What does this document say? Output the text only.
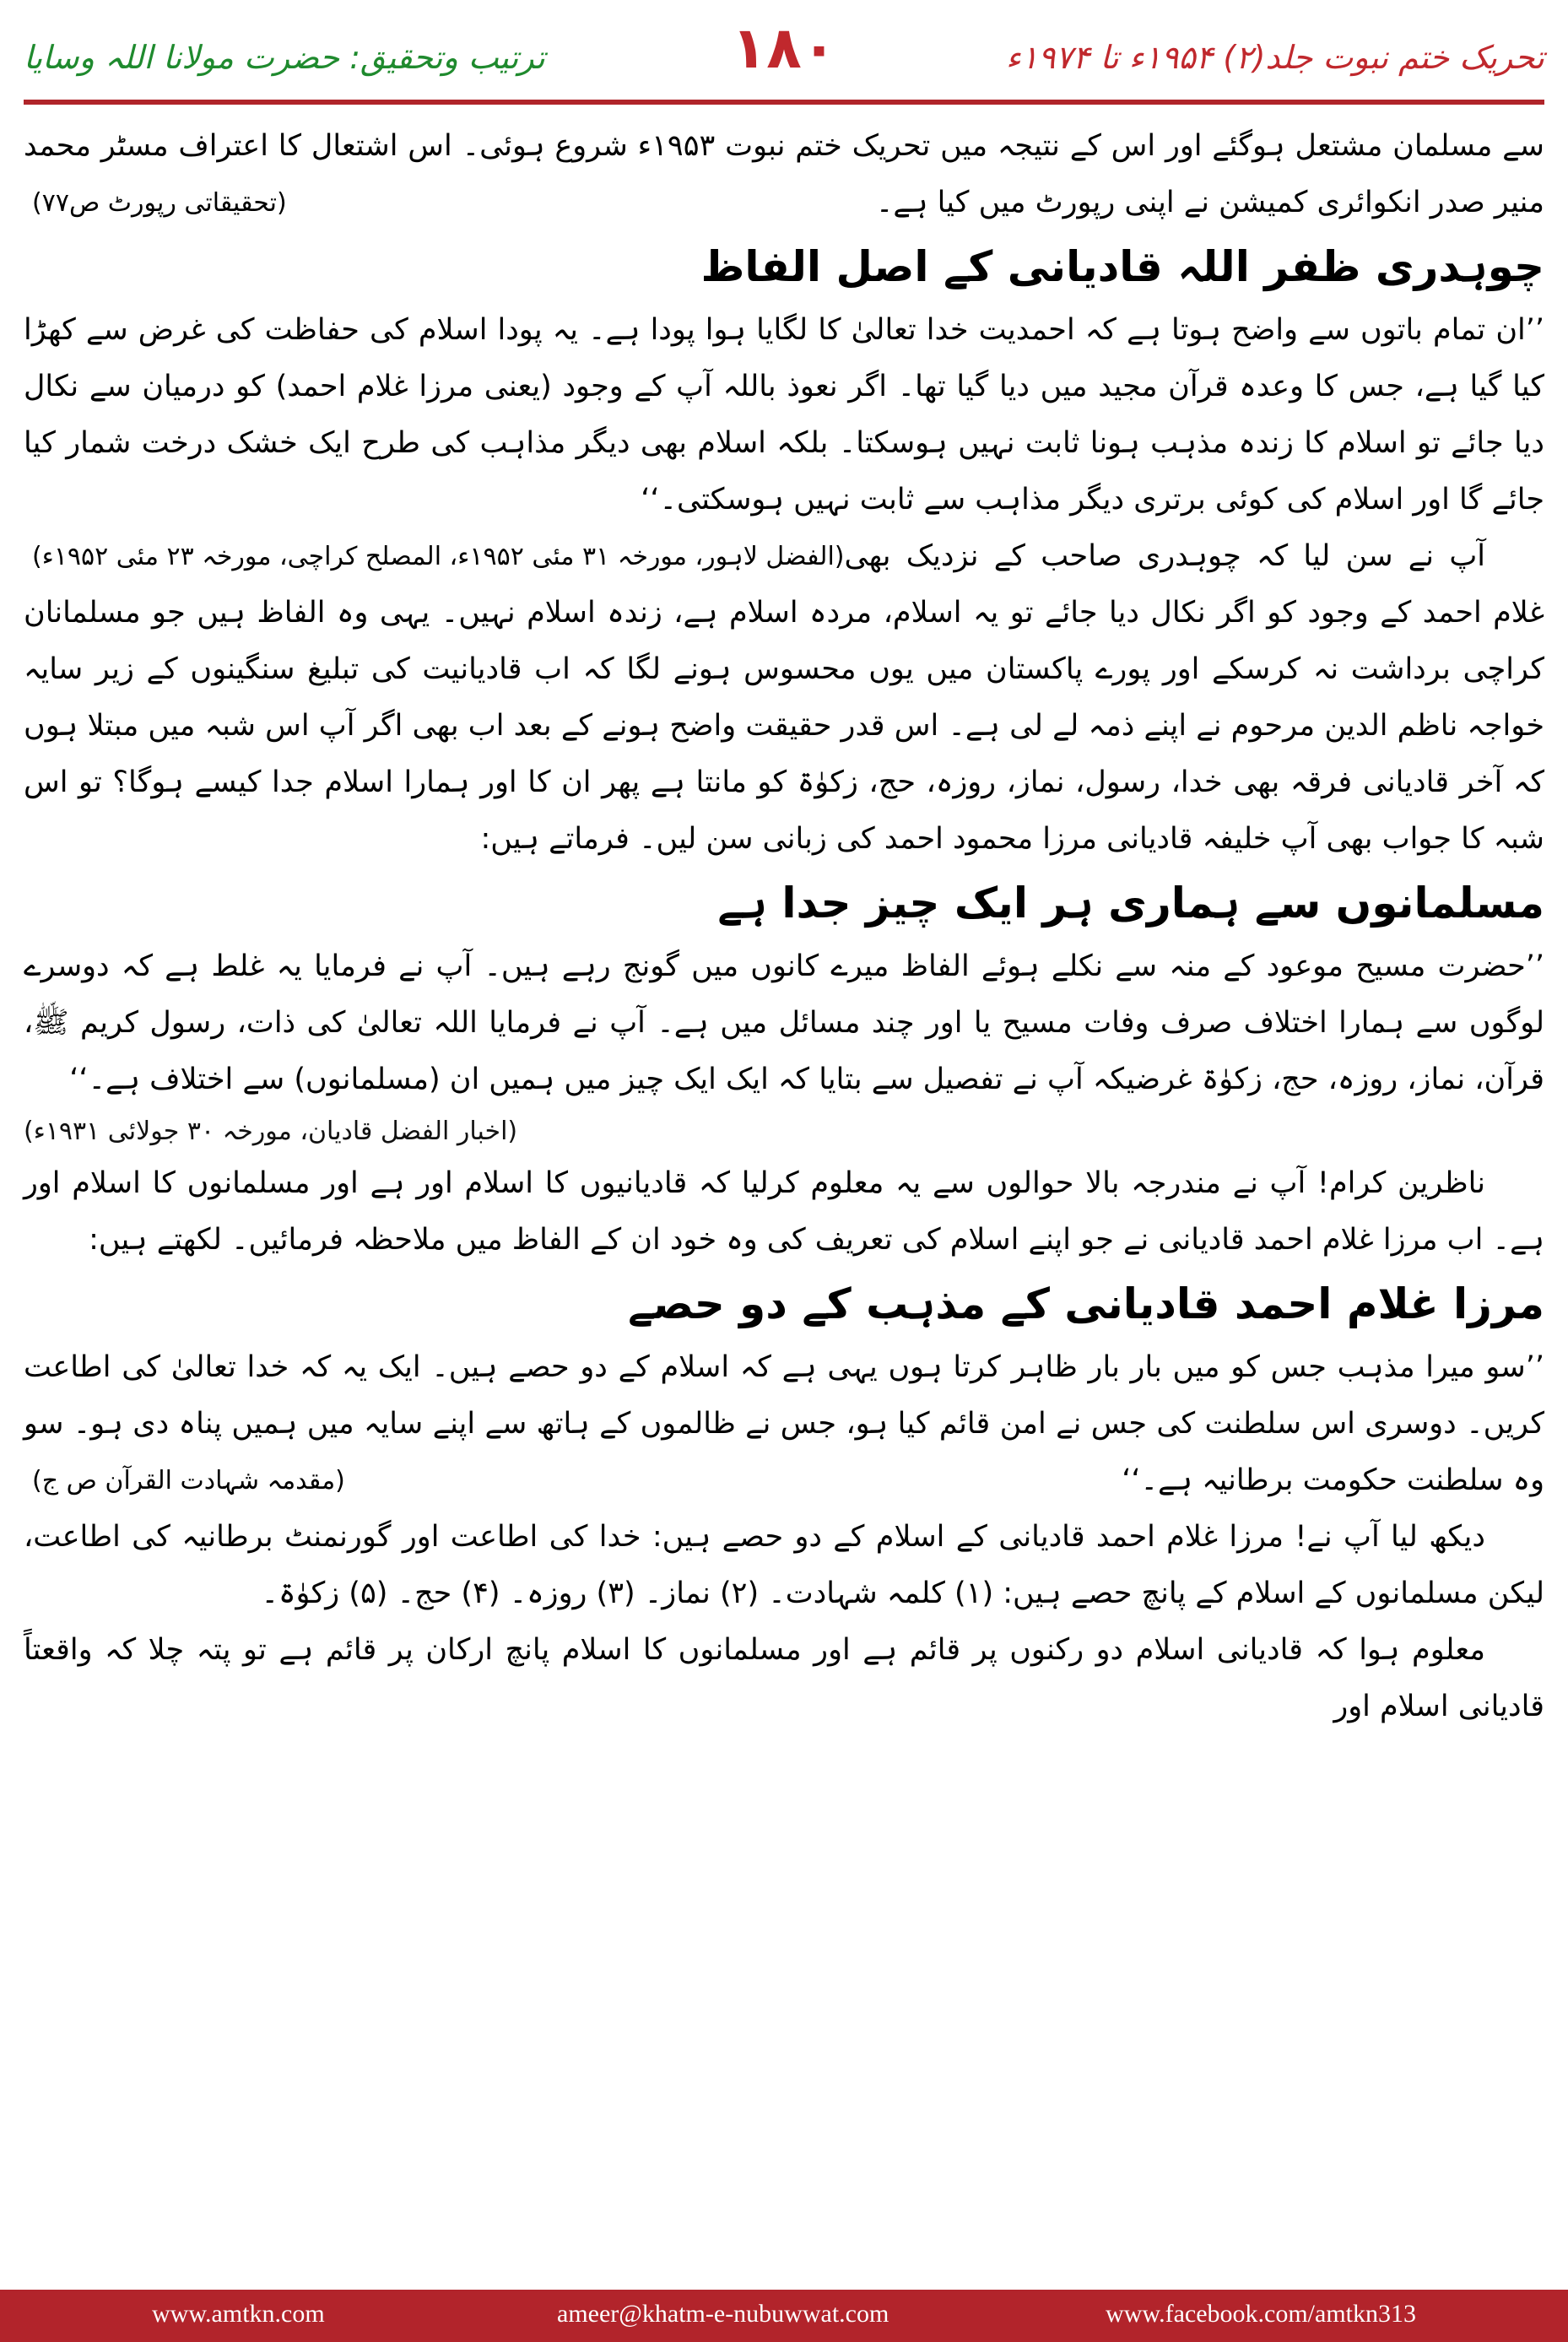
ترتیب وتحقیق: حضرت مولانا اللہ وسایا	۱۸۰	تحریک ختم نبوت جلد(۲) ۱۹۵۴ء تا ۱۹۷۴ء

سے مسلمان مشتعل ہوگئے اور اس کے نتیجہ میں تحریک ختم نبوت ۱۹۵۳ء شروع ہوئی۔ اس اشتعال کا اعتراف مسٹر محمد منیر صدر انکوائری کمیشن نے اپنی رپورٹ میں کیا ہے۔
(تحقیقاتی رپورٹ ص۷۷)

چوہدری ظفر اللہ قادیانی کے اصل الفاظ

’’ان تمام باتوں سے واضح ہوتا ہے کہ احمدیت خدا تعالیٰ کا لگایا ہوا پودا ہے۔ یہ پودا اسلام کی حفاظت کی غرض سے کھڑا کیا گیا ہے، جس کا وعدہ قرآن مجید میں دیا گیا تھا۔ اگر نعوذ باللہ آپ کے وجود (یعنی مرزا غلام احمد) کو درمیان سے نکال دیا جائے تو اسلام کا زندہ مذہب ہونا ثابت نہیں ہوسکتا۔ بلکہ اسلام بھی دیگر مذاہب کی طرح ایک خشک درخت شمار کیا جائے گا اور اسلام کی کوئی برتری دیگر مذاہب سے ثابت نہیں ہوسکتی۔‘‘
(الفضل لاہور، مورخہ ۳۱ مئی ۱۹۵۲ء، المصلح کراچی، مورخہ ۲۳ مئی ۱۹۵۲ء) آپ نے سن لیا کہ چوہدری صاحب کے نزدیک بھی غلام احمد کے وجود کو اگر نکال دیا جائے تو یہ اسلام، مردہ اسلام ہے، زندہ اسلام نہیں۔ یہی وہ الفاظ ہیں جو مسلمانان کراچی برداشت نہ کرسکے اور پورے پاکستان میں یوں محسوس ہونے لگا کہ اب قادیانیت کی تبلیغ سنگینوں کے زیر سایہ خواجہ ناظم الدین مرحوم نے اپنے ذمہ لے لی ہے۔ اس قدر حقیقت واضح ہونے کے بعد اب بھی اگر آپ اس شبہ میں مبتلا ہوں کہ آخر قادیانی فرقہ بھی خدا، رسول، نماز، روزہ، حج، زکوٰۃ کو مانتا ہے پھر ان کا اور ہمارا اسلام جدا کیسے ہوگا؟ تو اس شبہ کا جواب بھی آپ خلیفہ قادیانی مرزا محمود احمد کی زبانی سن لیں۔ فرماتے ہیں:

مسلمانوں سے ہماری ہر ایک چیز جدا ہے

’’حضرت مسیح موعود کے منہ سے نکلے ہوئے الفاظ میرے کانوں میں گونج رہے ہیں۔ آپ نے فرمایا یہ غلط ہے کہ دوسرے لوگوں سے ہمارا اختلاف صرف وفات مسیح یا اور چند مسائل میں ہے۔ آپ نے فرمایا اللہ تعالیٰ کی ذات، رسول کریم ﷺ، قرآن، نماز، روزہ، حج، زکوٰۃ غرضیکہ آپ نے تفصیل سے بتایا کہ ایک ایک چیز میں ہمیں ان (مسلمانوں) سے اختلاف ہے۔‘‘

(اخبار الفضل قادیان، مورخہ ۳۰ جولائی ۱۹۳۱ء)

ناظرین کرام! آپ نے مندرجہ بالا حوالوں سے یہ معلوم کرلیا کہ قادیانیوں کا اسلام اور ہے اور مسلمانوں کا اسلام اور ہے۔ اب مرزا غلام احمد قادیانی نے جو اپنے اسلام کی تعریف کی وہ خود ان کے الفاظ میں ملاحظہ فرمائیں۔ لکھتے ہیں:

مرزا غلام احمد قادیانی کے مذہب کے دو حصے

’’سو میرا مذہب جس کو میں بار بار ظاہر کرتا ہوں یہی ہے کہ اسلام کے دو حصے ہیں۔ ایک یہ کہ خدا تعالیٰ کی اطاعت کریں۔ دوسری اس سلطنت کی جس نے امن قائم کیا ہو، جس نے ظالموں کے ہاتھ سے اپنے سایہ میں ہمیں پناہ دی ہو۔ سو وہ سلطنت حکومت برطانیہ ہے۔‘‘
(مقدمہ شہادت القرآن ص ج)

دیکھ لیا آپ نے! مرزا غلام احمد قادیانی کے اسلام کے دو حصے ہیں: خدا کی اطاعت اور گورنمنٹ برطانیہ کی اطاعت، لیکن مسلمانوں کے اسلام کے پانچ حصے ہیں: (۱) کلمہ شہادت۔ (۲) نماز۔ (۳) روزہ۔ (۴) حج۔ (۵) زکوٰۃ۔

معلوم ہوا کہ قادیانی اسلام دو رکنوں پر قائم ہے اور مسلمانوں کا اسلام پانچ ارکان پر قائم ہے تو پتہ چلا کہ واقعتاً قادیانی اسلام اور

www.amtkn.com	ameer@khatm-e-nubuwwat.com	www.facebook.com/amtkn313
